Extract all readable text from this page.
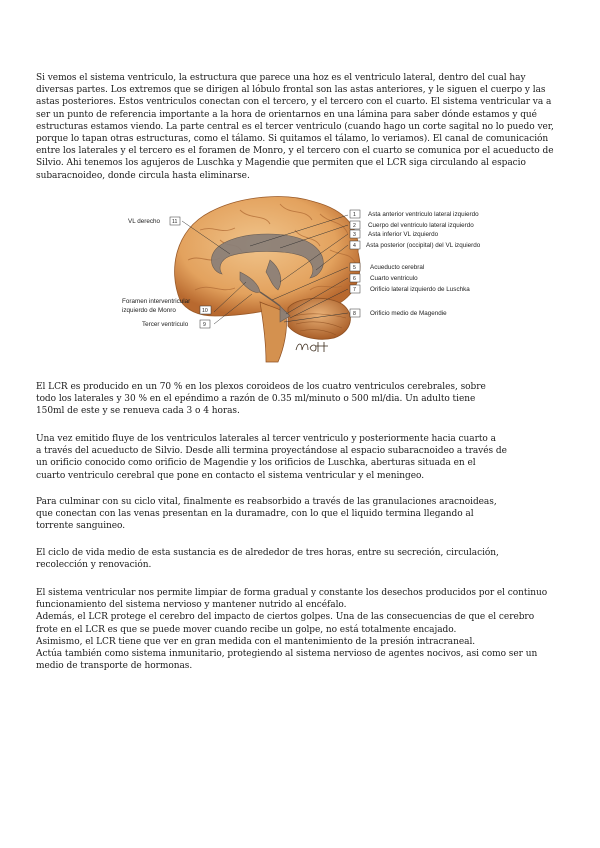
Si vemos el sistema ventriculo, la estructura que parece una hoz es el ventriculo lateral, dentro del cual hay
diversas partes. Los extremos que se dirigen al lóbulo frontal son las astas anteriores, y le siguen el cuerpo y las
astas posteriores. Estos ventriculos conectan con el tercero, y el tercero con el cuarto. El sistema ventricular va a
ser un punto de referencia importante a la hora de orientarnos en una lámina para saber dónde estamos y qué
estructuras estamos viendo. La parte central es el tercer ventriculo (cuando hago un corte sagital no lo puedo ver,
porque lo tapan otras estructuras, como el tálamo. Si quitamos el tálamo, lo veriamos). El canal de comunicación
entre los laterales y el tercero es el foramen de Monro, y el tercero con el cuarto se comunica por el acueducto de
Silvio. Ahi tenemos los agujeros de Luschka y Magendie que permiten que el LCR siga circulando al espacio
subaracnoideo, donde circula hasta eliminarse.
VL derecho 11
Foramen interventricular
izquierdo de Monro	10
Tercer ventriculo	9
1 Asta anterior ventriculo lateral izquierdo
2 Cuerpo del ventriculo lateral izquierdo
3 Asta inferior VL izquierdo
4 Asta posterior (occipital) del VL izquierdo
5 Acueducto cerebral
6 Cuarto ventriculo
7 Orificio lateral izquierdo de Luschka
8 Orificio medio de Magendie
El LCR es producido en un 70 % en los plexos coroideos de los cuatro ventriculos cerebrales, sobre
todo los laterales y 30 % en el epéndimo a razón de 0.35 ml/minuto o 500 ml/dia. Un adulto tiene
150ml de este y se renueva cada 3 o 4 horas.
Una vez emitido fluye de los ventriculos laterales al tercer ventriculo y posteriormente hacia cuarto a
a través del acueducto de Silvio. Desde alli termina proyectándose al espacio subaracnoideo a través de
un orificio conocido como orificio de Magendie y los orificios de Luschka, aberturas situada en el
cuarto ventriculo cerebral que pone en contacto el sistema ventricular y el meningeo.
Para culminar con su ciclo vital, finalmente es reabsorbido a través de las granulaciones aracnoideas,
que conectan con las venas presentan en la duramadre, con lo que el liquido termina llegando al
torrente sanguineo.
El ciclo de vida medio de esta sustancia es de alrededor de tres horas, entre su secreción, circulación,
recolección y renovación.
El sistema ventricular nos permite limpiar de forma gradual y constante los desechos producidos por el continuo
funcionamiento del sistema nervioso y mantener nutrido al encéfalo.
Además, el LCR protege el cerebro del impacto de ciertos golpes. Una de las consecuencias de que el cerebro
frote en el LCR es que se puede mover cuando recibe un golpe, no está totalmente encajado.
Asimismo, el LCR tiene que ver en gran medida con el mantenimiento de la presión intracraneal.
Actúa también como sistema inmunitario, protegiendo al sistema nervioso de agentes nocivos, asi como ser un
medio de transporte de hormonas.
